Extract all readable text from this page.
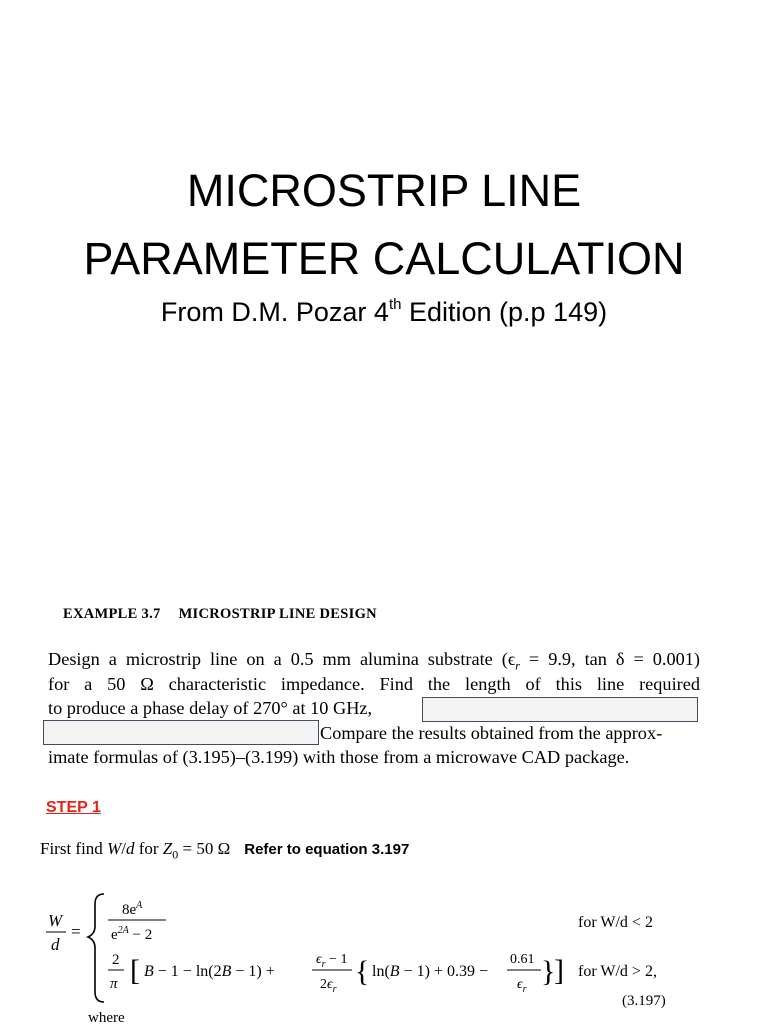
MICROSTRIP LINE
PARAMETER CALCULATION
From D.M. Pozar 4th Edition (p.p 149)
EXAMPLE 3.7 MICROSTRIP LINE DESIGN
Design a microstrip line on a 0.5 mm alumina substrate ($\epsilon_r = 9.9$, tan δ = 0.001)
for a 50 Ω characteristic impedance. Find the length of this line required
to produce a phase delay of 270° at 10 GHz,
Compare the results obtained from the approx-
imate formulas of (3.195)–(3.199) with those from a microwave CAD package.
STEP 1
First find W/d for $Z_0 = 50$ Ω Refer to equation 3.197
W
d
=
$8e^A$
$e^{2A} - 2$
for W/d < 2
2
π [ B − 1 − ln(2B − 1) +
$\epsilon_r - 1$
$2\epsilon_r$
{ ln(B − 1) + 0.39 −
0.61
$\epsilon_r$
}
] for W/d > 2,
(3.197)
where
